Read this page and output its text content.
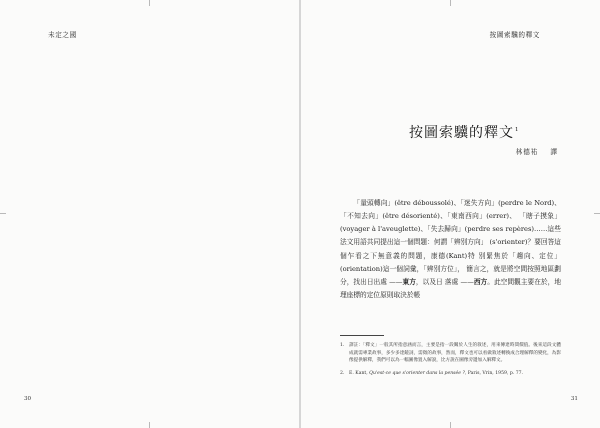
未定之國
30
按圖索驥的釋文
按圖索驥的釋文$^1$
林德祐 譯

「量頭轉向」(être déboussolé)、「迷失方向」(perdre le Nord)、「不知去向」(être désorienté)、「東南西向」(errer)、 「瞎子摸象」(voyager à l'aveuglette)、「失去歸向」(perdre ses repères)……這些法文用語共同提出這一個問題：何謂「辨別方向」 (s'orienter)？要回答這個乍看之下無意義的問題，康德(Kant)特 別緊焦於「趨向、定位」(orientation)這一個詞彙，「辨別方位」， 簡言之，就是將空間按照地區劃分，找出日出處 ——東方，以及日 落處 ——西方。此空間觀主要在於，地理座標的定位原則取決於帳

1. 譯註：「釋文」一般其所指意涵而言，主要是指一段關於人生的敘述，用來傳達時間價值。後來這段文體成就需專業故事，多少多達鏡詞，需徵的故事，然而，釋文也可以看做敘述轉換成合理解釋的變化，為影像提供解釋，我們可以為一幅圖像置入解說，比方說在圖像旁邊加入解釋文。
2. E. Kant, Qu'est-ce que s'orienter dans la pensée ?, Paris, Vrin, 1959, p. 77.
31
